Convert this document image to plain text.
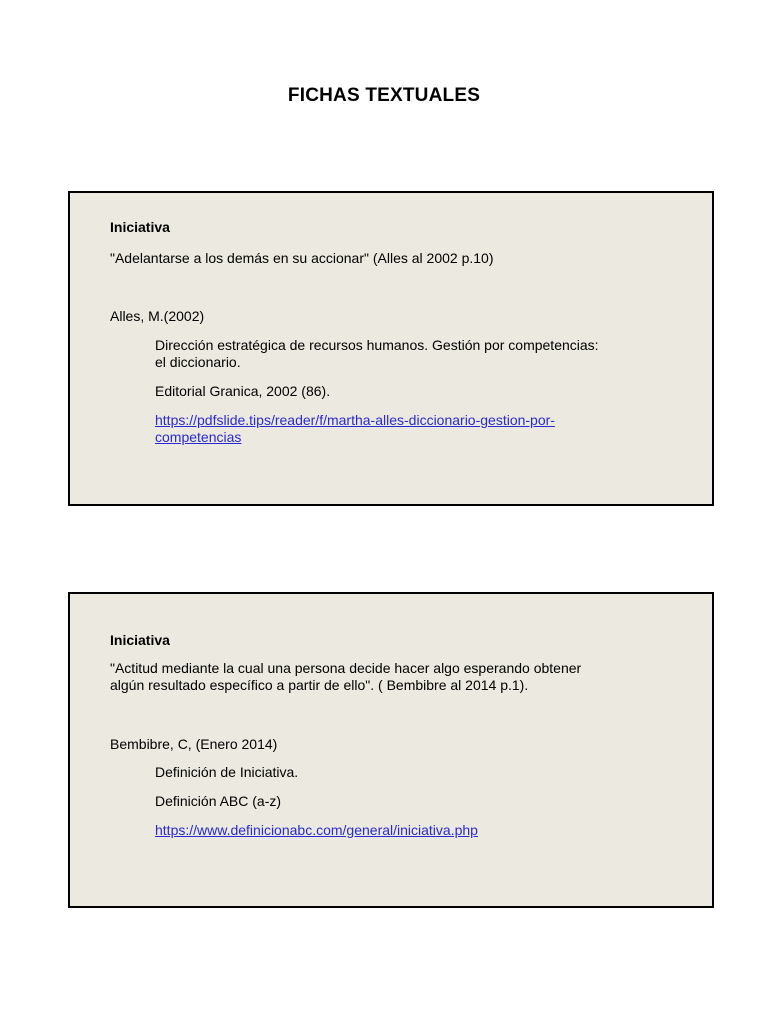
FICHAS TEXTUALES
Iniciativa
"Adelantarse a los demás en su accionar" (Alles al 2002 p.10)
Alles, M.(2002)
Dirección estratégica de recursos humanos. Gestión por competencias:
el diccionario.
Editorial Granica, 2002 (86).
https://pdfslide.tips/reader/f/martha-alles-diccionario-gestion-por-
competencias
Iniciativa
"Actitud mediante la cual una persona decide hacer algo esperando obtener
algún resultado específico a partir de ello". ( Bembibre al 2014 p.1).
Bembibre, C, (Enero 2014)
Definición de Iniciativa.
Definición ABC (a-z)
https://www.definicionabc.com/general/iniciativa.php
